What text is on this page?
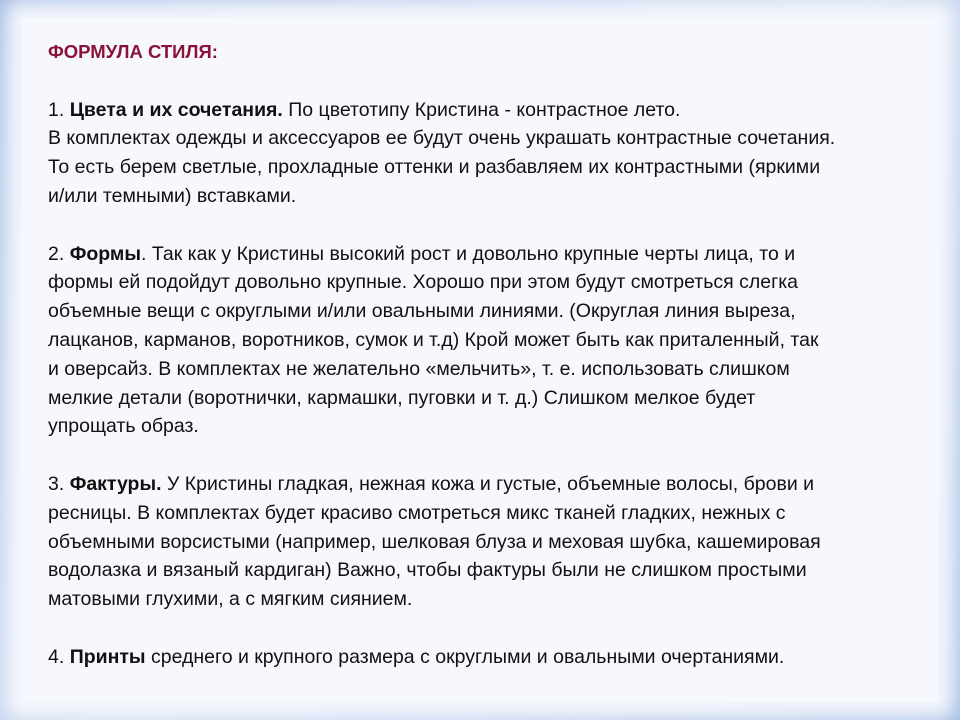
ФОРМУЛА СТИЛЯ:

1. Цвета и их сочетания. По цветотипу Кристина - контрастное лето.

В комплектах одежды и аксессуаров ее будут очень украшать контрастные сочетания.

То есть берем светлые, прохладные оттенки и разбавляем их контрастными (яркими

и/или темными) вставками.

2. Формы. Так как у Кристины высокий рост и довольно крупные черты лица, то и

формы ей подойдут довольно крупные. Хорошо при этом будут смотреться слегка

объемные вещи с округлыми и/или овальными линиями. (Округлая линия выреза,

лацканов, карманов, воротников, сумок и т.д) Крой может быть как приталенный, так

и оверсайз. В комплектах не желательно «мельчить», т. е. использовать слишком

мелкие детали (воротнички, кармашки, пуговки и т. д.) Слишком мелкое будет

упрощать образ.

3. Фактуры. У Кристины гладкая, нежная кожа и густые, объемные волосы, брови и

ресницы. В комплектах будет красиво смотреться микс тканей гладких, нежных с

объемными ворсистыми (например, шелковая блуза и меховая шубка, кашемировая

водолазка и вязаный кардиган) Важно, чтобы фактуры были не слишком простыми

матовыми глухими, а с мягким сиянием.

4. Принты среднего и крупного размера с округлыми и овальными очертаниями.
